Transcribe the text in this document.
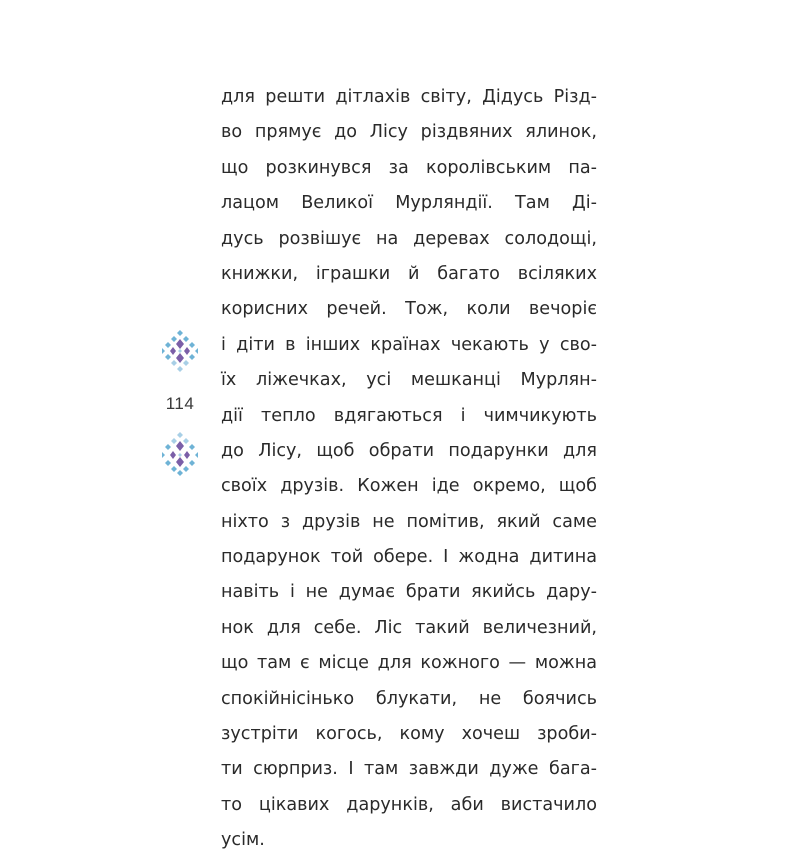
114
для решти дітлахів світу, Дідусь Різд-
во прямує до Лісу різдвяних ялинок,
що розкинувся за королівським па-
лацом Великої Мурляндії. Там Ді-
дусь розвішує на деревах солодощі,
книжки, іграшки й багато всіляких
корисних речей. Тож, коли вечоріє
і діти в інших країнах чекають у сво-
їх ліжечках, усі мешканці Мурлян-
дії тепло вдягаються і чимчикують
до Лісу, щоб обрати подарунки для
своїх друзів. Кожен іде окремо, щоб
ніхто з друзів не помітив, який саме
подарунок той обере. І жодна дитина
навіть і не думає брати якийсь дару-
нок для себе. Ліс такий величезний,
що там є місце для кожного — можна
спокійнісінько блукати, не боячись
зустріти когось, кому хочеш зроби-
ти сюрприз. І там завжди дуже бага-
то цікавих дарунків, аби вистачило
усім.
